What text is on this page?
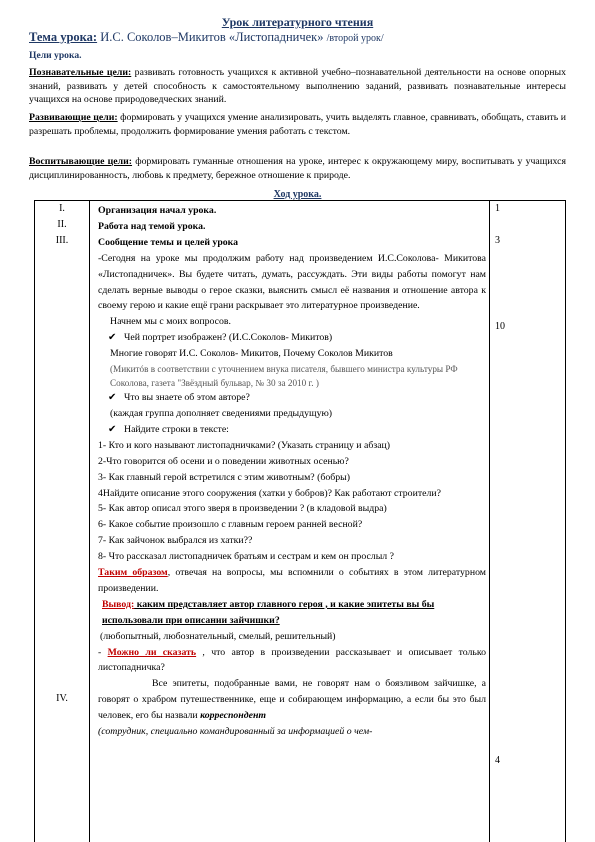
Урок литературного чтения
Тема урока: И.С. Соколов–Микитов «Листопадничек» /второй урок/
Цели урока.
Познавательные цели: развивать готовность учащихся к активной учебно–познавательной деятельности на основе опорных знаний, развивать у детей способность к самостоятельному выполнению заданий, развивать познавательные интересы учащихся на основе природоведческих знаний.
Развивающие цели: формировать у учащихся умение анализировать, учить выделять главное, сравнивать, обобщать, ставить и разрешать проблемы, продолжить формирование умения работать с текстом.
Воспитывающие цели: формировать гуманные отношения на уроке, интерес к окружающему миру, воспитывать у учащихся дисциплинированность, любовь к предмету, бережное отношение к природе.
Ход урока.
I.
II.
III.
IV.
1
3
10
4

Организация начал урока.

Работа над темой урока.

Сообщение темы и целей урока

-Сегодня на уроке мы продолжим работу над произведением И.С.Соколова- Микитова «Листопадничек». Вы будете читать, думать, рассуждать. Эти виды работы помогут нам сделать верные выводы о герое сказки, выяснить смысл её названия и отношение автора к своему герою и какие ещё грани раскрывает это литературное произведение.

Начнем мы с моих вопросов.

✔ Чей портрет изображен? (И.С.Соколов- Микитов)

Многие говорят И.С. Соколов- Микитов, Почему Соколов Микитов

(Микитóв в соответствии с уточнением внука писателя, бывшего министра культуры РФ Соколова, газета "Звёздный бульвар, № 30 за 2010 г. )

✔ Что вы знаете об этом авторе?

(каждая группа дополняет сведениями предыдущую)

✔ Найдите строки в тексте:

1- Кто и кого называют листопадничками? (Указать страницу и абзац)

2-Что говорится об осени и о поведении животных осенью?

3- Как главный герой встретился с этим животным? (бобры)

4Найдите описание этого сооружения (хатки у бобров)? Как работают строители?

5- Как автор описал этого зверя в произведении ? (в кладовой выдра)

6- Какое событие произошло с главным героем ранней весной?

7- Как зайчонок выбрался из хатки??

8- Что рассказал листопадничек братьям и сестрам и кем он прослыл ?

Таким образом, отвечая на вопросы, мы вспомнили о событиях в этом литературном произведении.

Вывод: каким представляет автор главного героя , и какие эпитеты вы бы использовали при описании зайчишки?

(любопытный, любознательный, смелый, решительный)

- Можно ли сказать , что автор в произведении рассказывает и описывает только листопадничка?

Все эпитеты, подобранные вами, не говорят нам о боязливом зайчишке, а говорят о храбром путешественнике, еще и собирающем информацию, а если бы это был человек, его бы назвали корреспондент

(сотрудник, специально командированный за информацией о чем-
